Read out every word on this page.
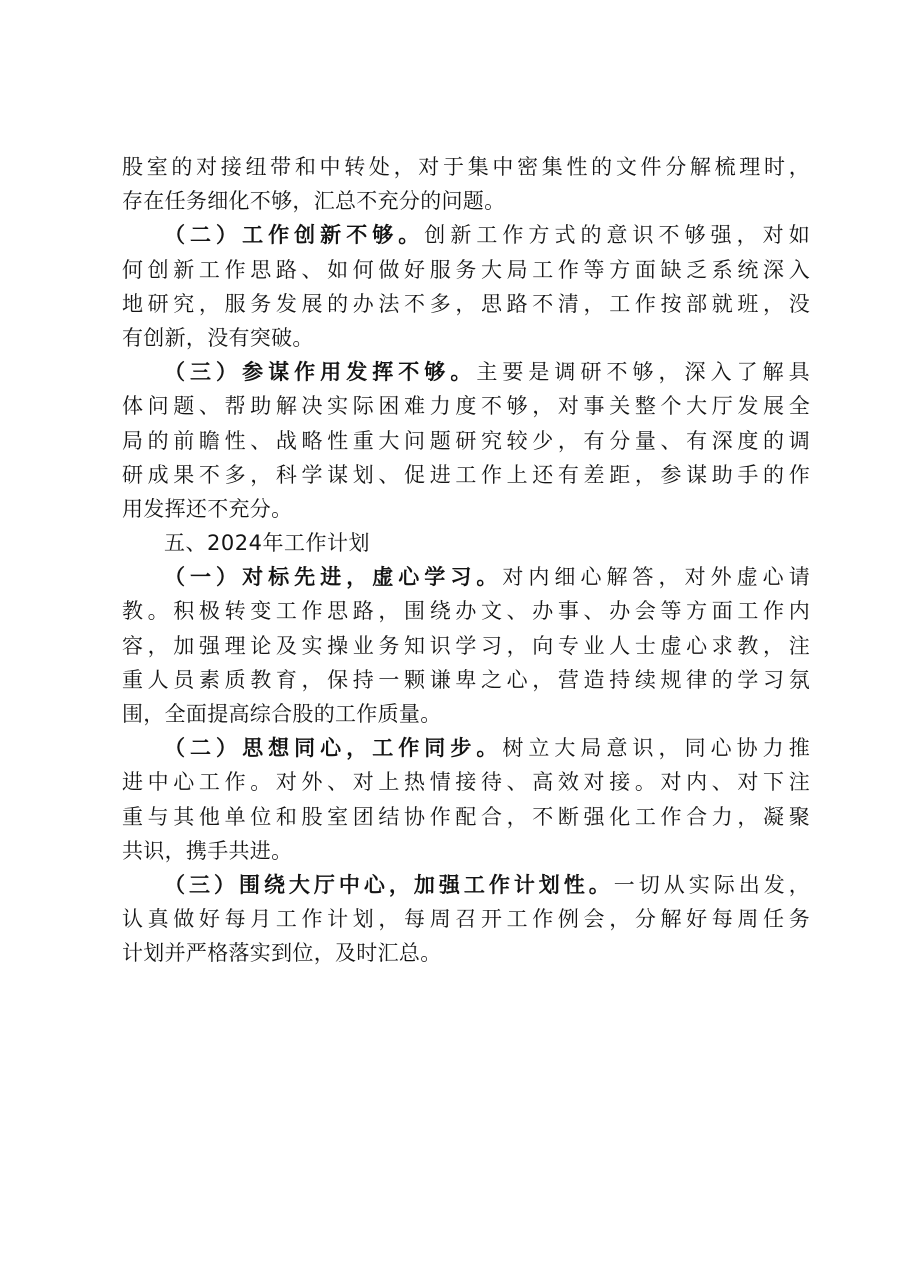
股室的对接纽带和中转处，对于集中密集性的文件分解梳理时，
存在任务细化不够，汇总不充分的问题。
（二）工作创新不够。创新工作方式的意识不够强，对如
何创新工作思路、如何做好服务大局工作等方面缺乏系统深入
地研究，服务发展的办法不多，思路不清，工作按部就班，没
有创新，没有突破。
（三）参谋作用发挥不够。主要是调研不够，深入了解具
体问题、帮助解决实际困难力度不够，对事关整个大厅发展全
局的前瞻性、战略性重大问题研究较少，有分量、有深度的调
研成果不多，科学谋划、促进工作上还有差距，参谋助手的作
用发挥还不充分。
五、2024年工作计划
（一）对标先进，虚心学习。对内细心解答，对外虚心请
教。积极转变工作思路，围绕办文、办事、办会等方面工作内
容，加强理论及实操业务知识学习，向专业人士虚心求教，注
重人员素质教育，保持一颗谦卑之心，营造持续规律的学习氛
围，全面提高综合股的工作质量。
（二）思想同心，工作同步。树立大局意识，同心协力推
进中心工作。对外、对上热情接待、高效对接。对内、对下注
重与其他单位和股室团结协作配合，不断强化工作合力，凝聚
共识，携手共进。
（三）围绕大厅中心，加强工作计划性。一切从实际出发，
认真做好每月工作计划，每周召开工作例会，分解好每周任务
计划并严格落实到位，及时汇总。
